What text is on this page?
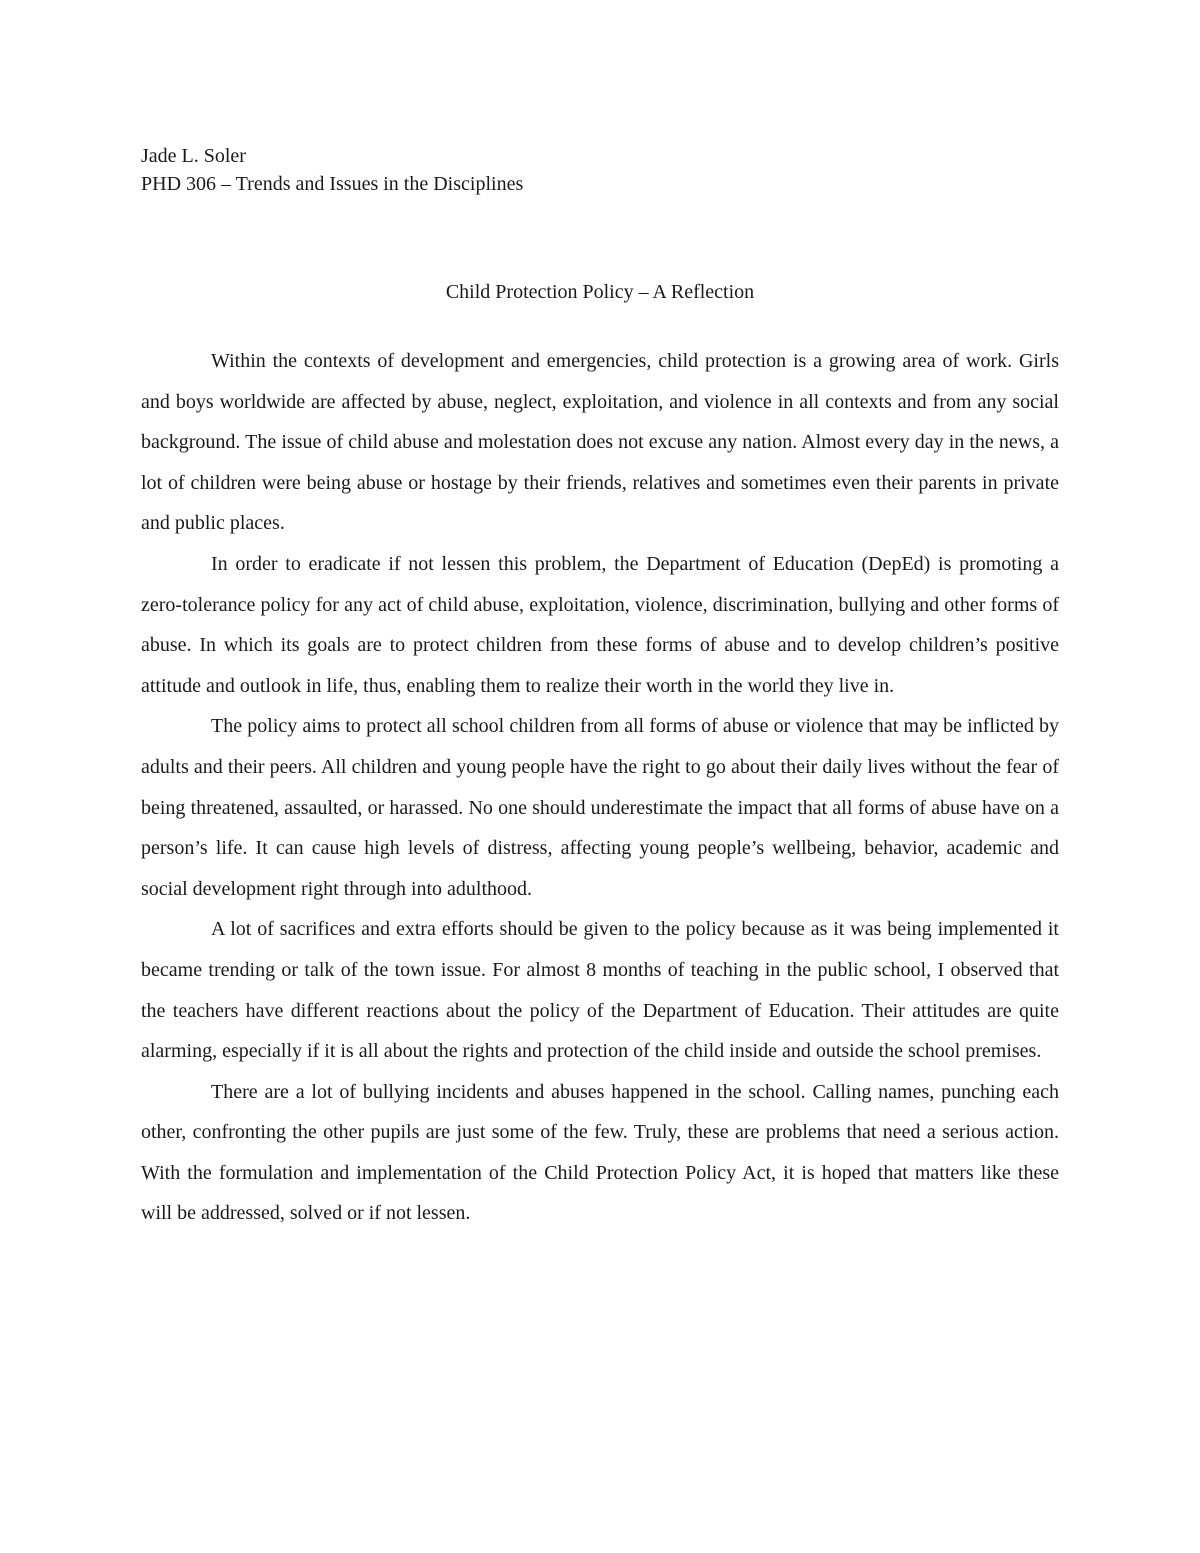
Jade L. Soler
PHD 306 – Trends and Issues in the Disciplines
Child Protection Policy – A Reflection

Within the contexts of development and emergencies, child protection is a growing area of work. Girls and boys worldwide are affected by abuse, neglect, exploitation, and violence in all contexts and from any social background. The issue of child abuse and molestation does not excuse any nation. Almost every day in the news, a lot of children were being abuse or hostage by their friends, relatives and sometimes even their parents in private and public places.

In order to eradicate if not lessen this problem, the Department of Education (DepEd) is promoting a zero-tolerance policy for any act of child abuse, exploitation, violence, discrimination, bullying and other forms of abuse. In which its goals are to protect children from these forms of abuse and to develop children’s positive attitude and outlook in life, thus, enabling them to realize their worth in the world they live in.

The policy aims to protect all school children from all forms of abuse or violence that may be inflicted by adults and their peers. All children and young people have the right to go about their daily lives without the fear of being threatened, assaulted, or harassed. No one should underestimate the impact that all forms of abuse have on a person’s life. It can cause high levels of distress, affecting young people’s wellbeing, behavior, academic and social development right through into adulthood.

A lot of sacrifices and extra efforts should be given to the policy because as it was being implemented it became trending or talk of the town issue. For almost 8 months of teaching in the public school, I observed that the teachers have different reactions about the policy of the Department of Education. Their attitudes are quite alarming, especially if it is all about the rights and protection of the child inside and outside the school premises.

There are a lot of bullying incidents and abuses happened in the school. Calling names, punching each other, confronting the other pupils are just some of the few. Truly, these are problems that need a serious action. With the formulation and implementation of the Child Protection Policy Act, it is hoped that matters like these will be addressed, solved or if not lessen.
